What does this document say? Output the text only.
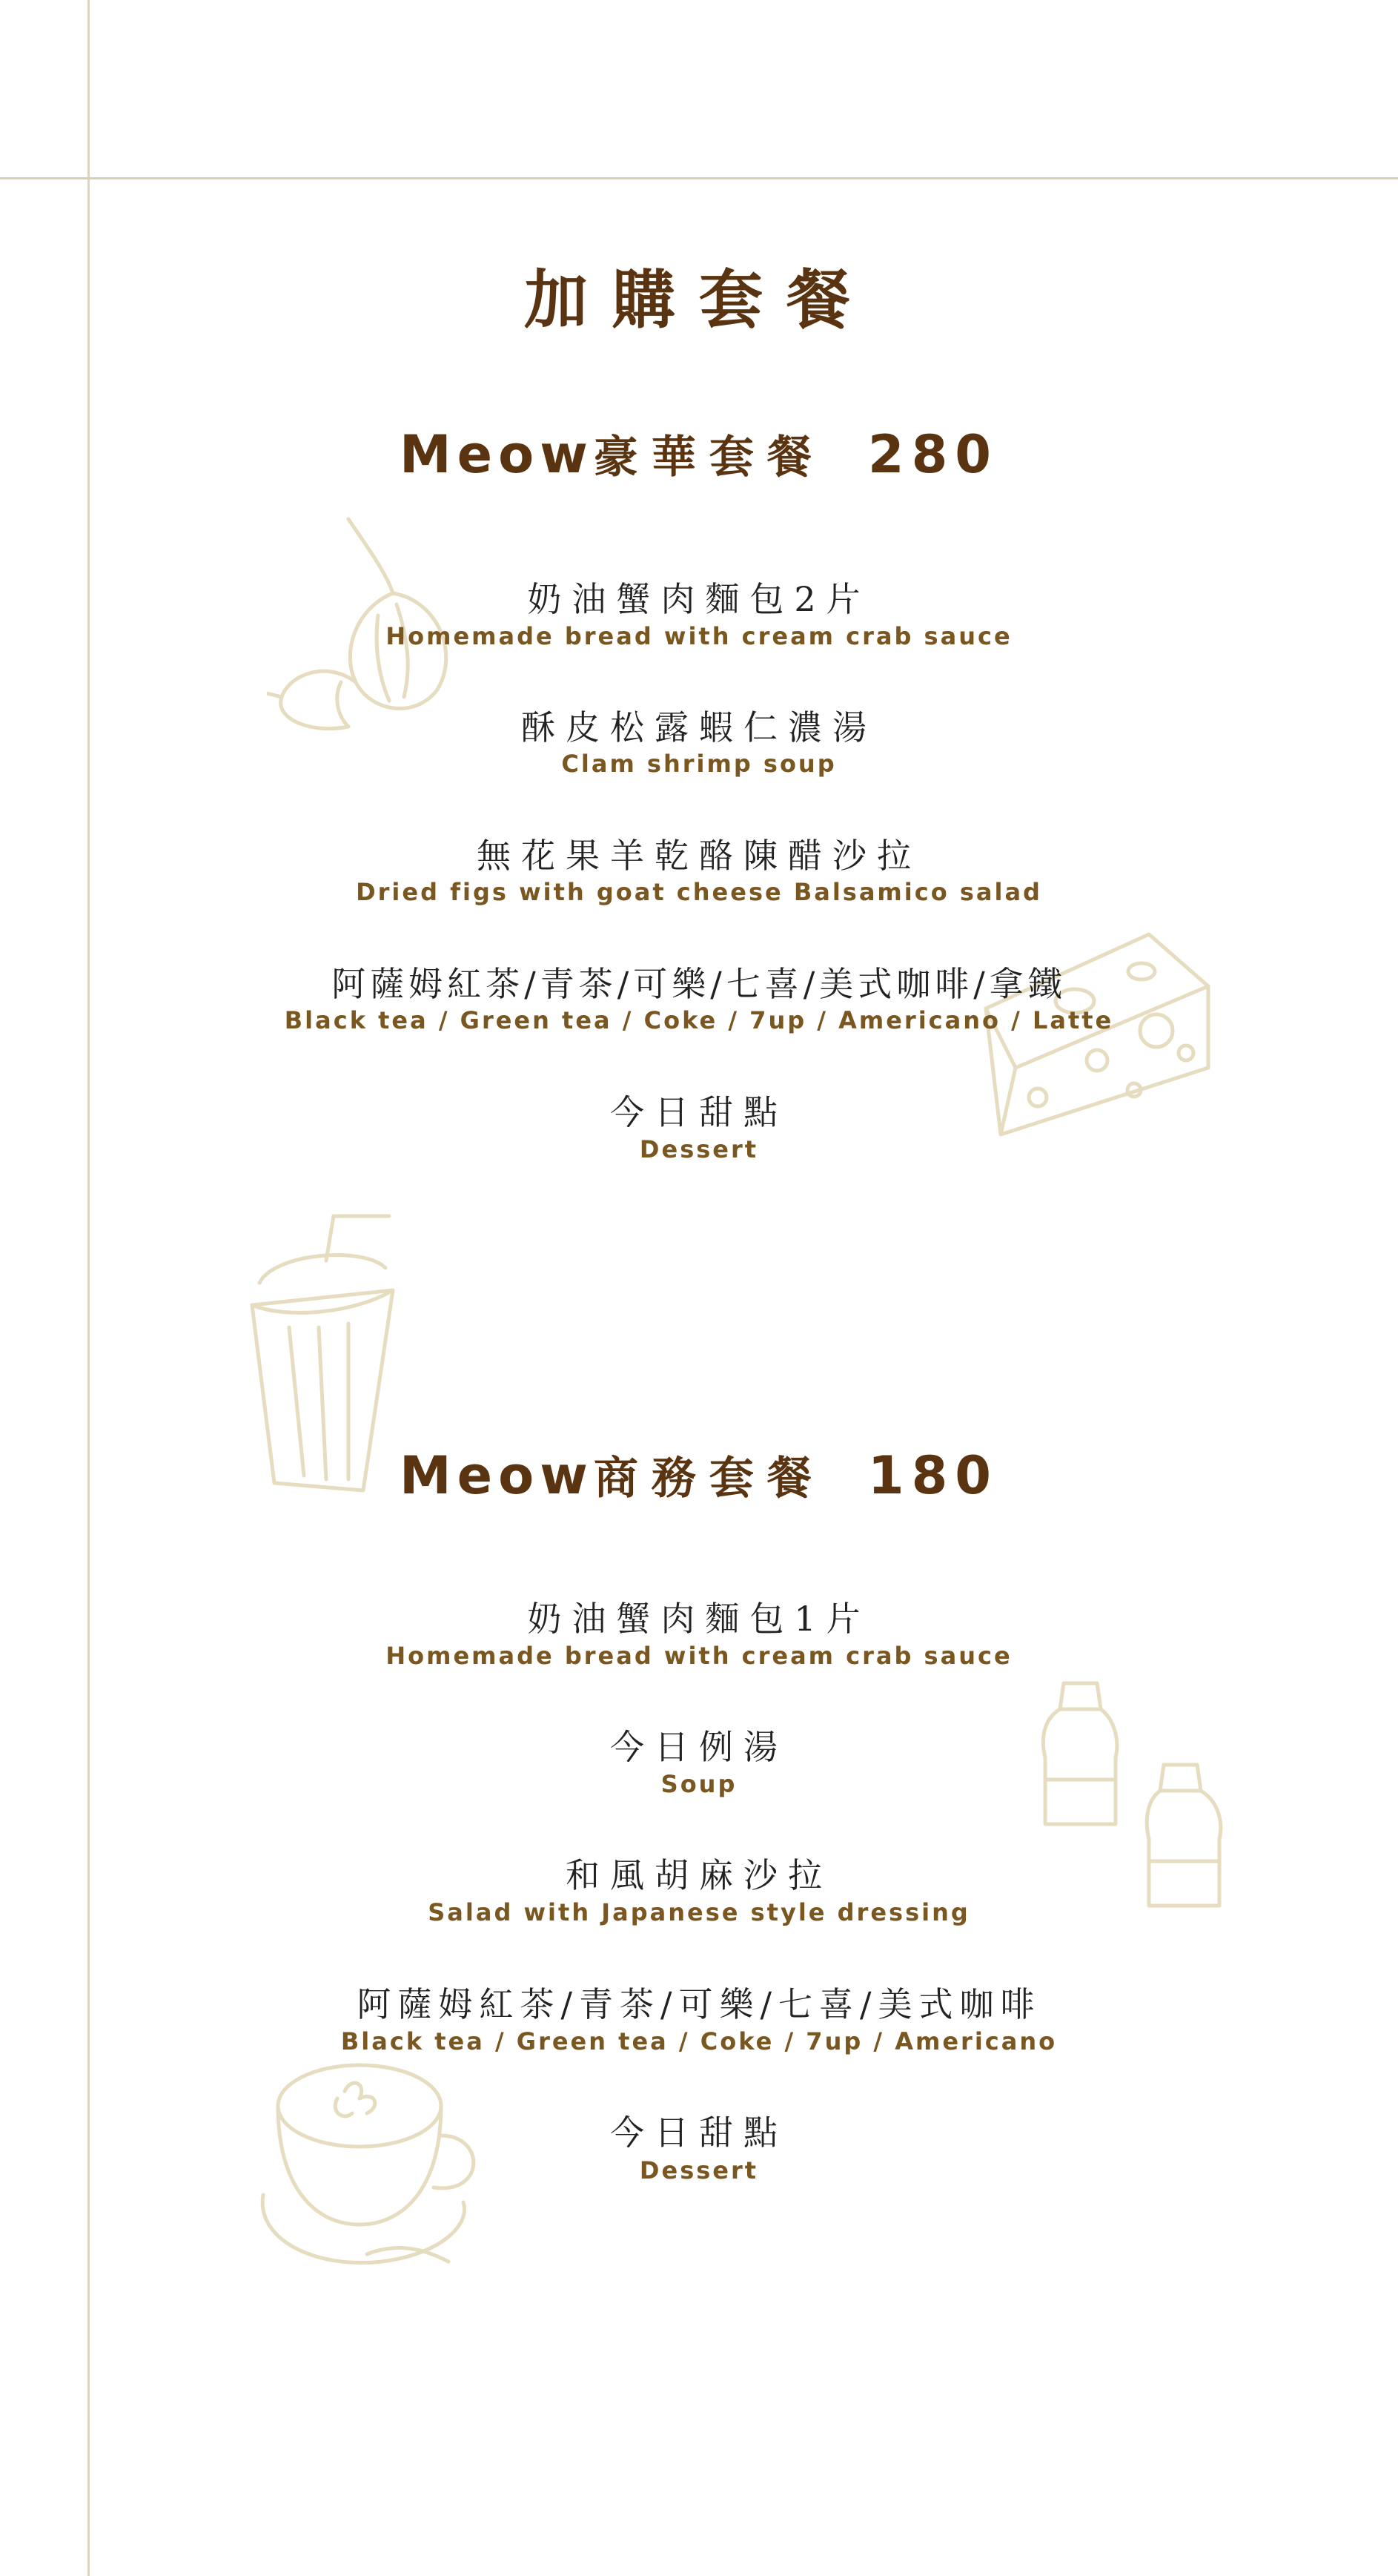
加購套餐
Meow豪華套餐 280
奶油蟹肉麵包2片
Homemade bread with cream crab sauce
酥皮松露蝦仁濃湯
Clam shrimp soup
無花果羊乾酪陳醋沙拉
Dried figs with goat cheese Balsamico salad
阿薩姆紅茶/青茶/可樂/七喜/美式咖啡/拿鐵
Black tea / Green tea / Coke / 7up / Americano / Latte
今日甜點
Dessert
Meow商務套餐 180
奶油蟹肉麵包1片
Homemade bread with cream crab sauce
今日例湯
Soup
和風胡麻沙拉
Salad with Japanese style dressing
阿薩姆紅茶/青茶/可樂/七喜/美式咖啡
Black tea / Green tea / Coke / 7up / Americano
今日甜點
Dessert
